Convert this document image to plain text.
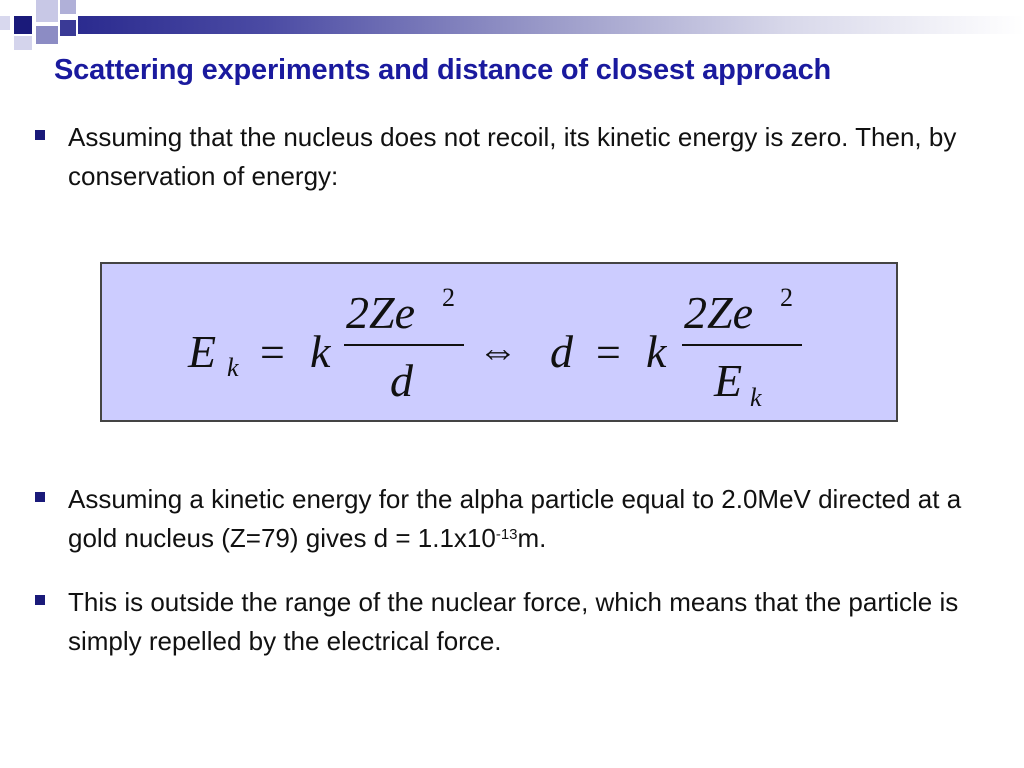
Scattering experiments and distance of closest approach
Assuming that the nucleus does not recoil, its kinetic energy is zero. Then, by conservation of energy:
E k = k
2Ze 2
d
⇔ d = k
2Ze 2
E k
Assuming a kinetic energy for the alpha particle equal to 2.0MeV directed at a gold nucleus (Z=79) gives $d = 1.1x10^{-13}m$.
This is outside the range of the nuclear force, which means that the particle is simply repelled by the electrical force.
